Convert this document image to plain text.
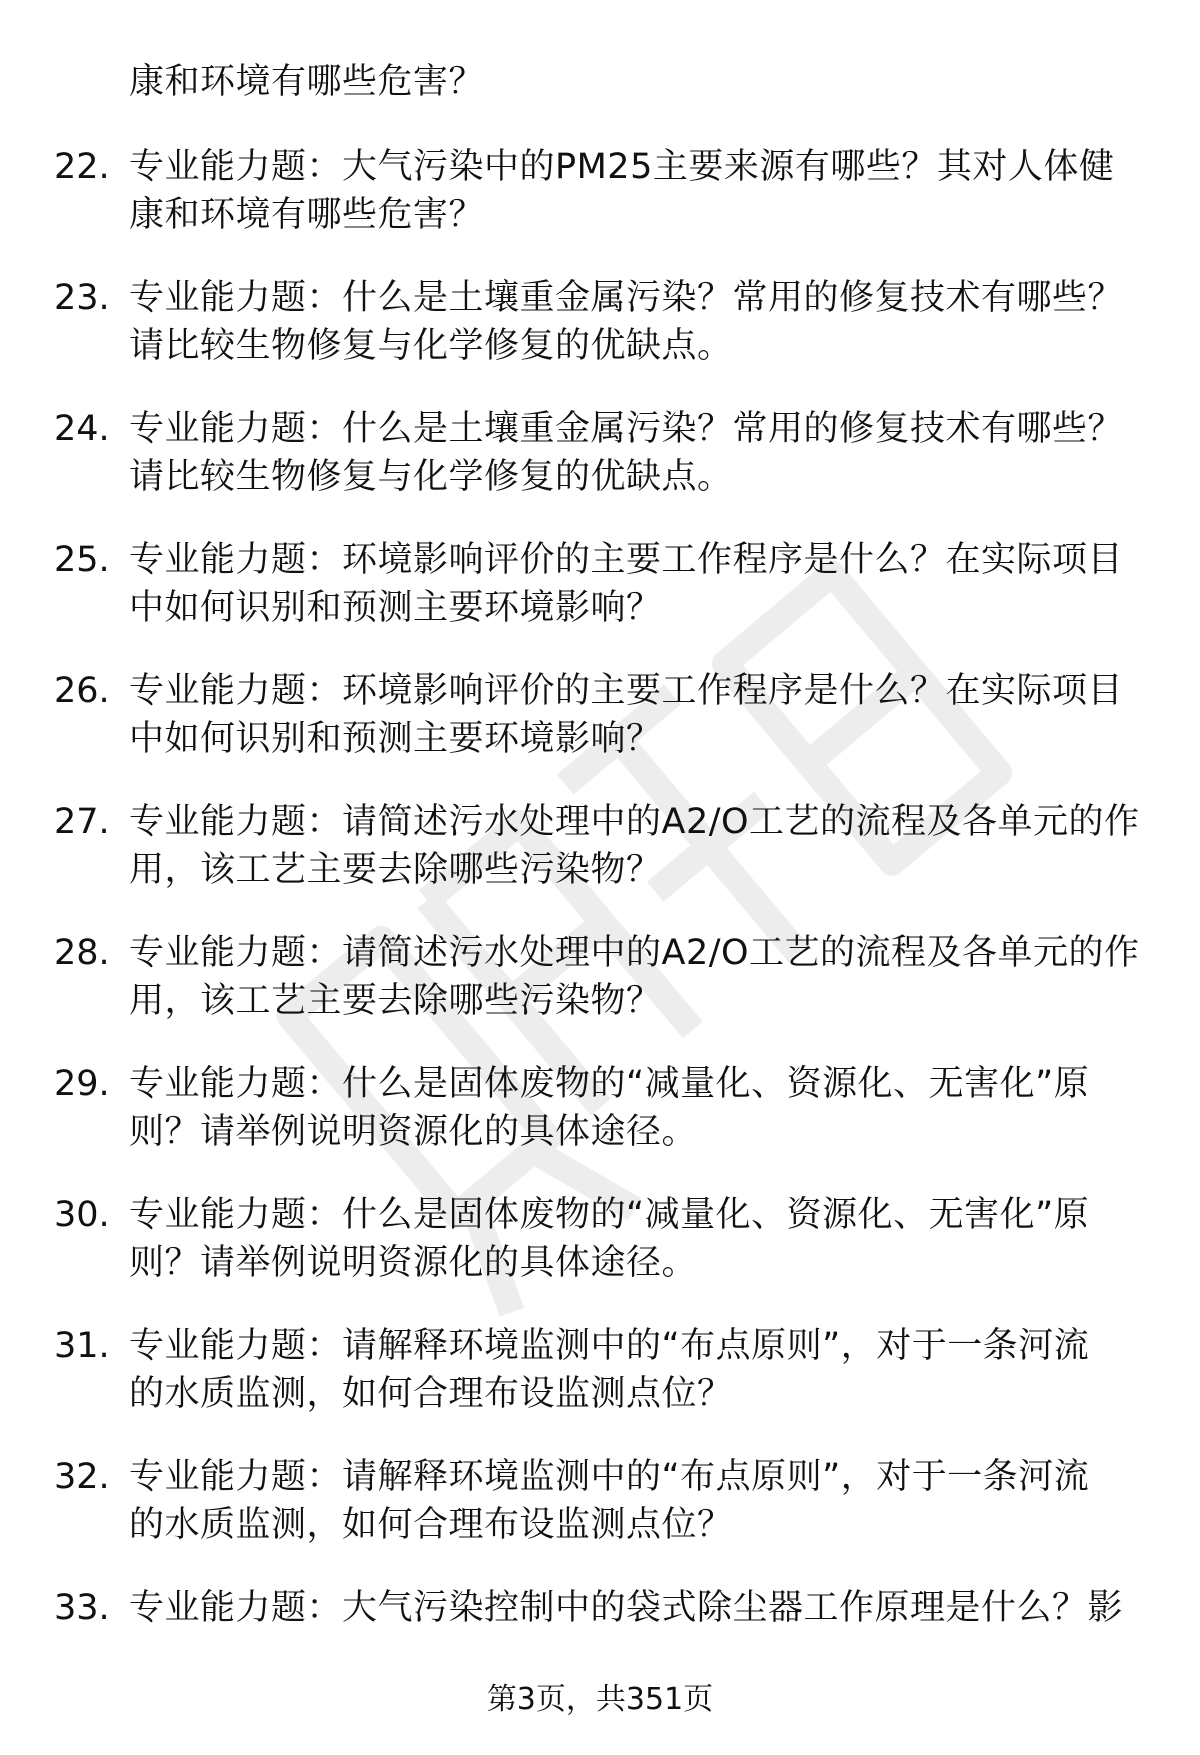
康和环境有哪些危害？
22. 专业能力题：大气污染中的PM25主要来源有哪些？其对人体健
康和环境有哪些危害？
23. 专业能力题：什么是土壤重金属污染？常用的修复技术有哪些？
请比较生物修复与化学修复的优缺点。
24. 专业能力题：什么是土壤重金属污染？常用的修复技术有哪些？
请比较生物修复与化学修复的优缺点。
25. 专业能力题：环境影响评价的主要工作程序是什么？在实际项目
中如何识别和预测主要环境影响？
26. 专业能力题：环境影响评价的主要工作程序是什么？在实际项目
中如何识别和预测主要环境影响？
27. 专业能力题：请简述污水处理中的A2/O工艺的流程及各单元的作
用，该工艺主要去除哪些污染物？
28. 专业能力题：请简述污水处理中的A2/O工艺的流程及各单元的作
用，该工艺主要去除哪些污染物？
29. 专业能力题：什么是固体废物的“减量化、资源化、无害化”原
则？请举例说明资源化的具体途径。
30. 专业能力题：什么是固体废物的“减量化、资源化、无害化”原
则？请举例说明资源化的具体途径。
31. 专业能力题：请解释环境监测中的“布点原则”，对于一条河流
的水质监测，如何合理布设监测点位？
32. 专业能力题：请解释环境监测中的“布点原则”，对于一条河流
的水质监测，如何合理布设监测点位？
33. 专业能力题：大气污染控制中的袋式除尘器工作原理是什么？影
第3页，共351页
